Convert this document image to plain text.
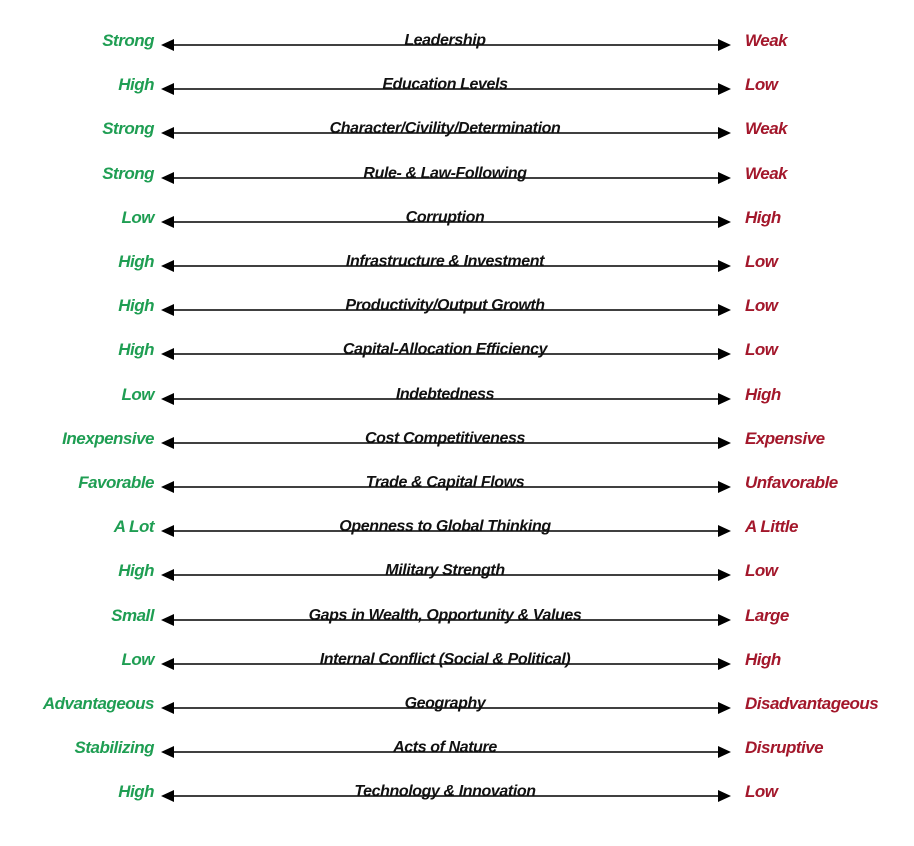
Strong	Leadership	Weak
High	Education Levels	Low
Strong	Character/Civility/Determination	Weak
Strong	Rule- & Law-Following	Weak
Low	Corruption	High
High	Infrastructure & Investment	Low
High	Productivity/Output Growth	Low
High	Capital-Allocation Efficiency	Low
Low	Indebtedness	High
Inexpensive	Cost Competitiveness	Expensive
Favorable	Trade & Capital Flows	Unfavorable
A Lot	Openness to Global Thinking	A Little
High	Military Strength	Low
Small	Gaps in Wealth, Opportunity & Values	Large
Low	Internal Conflict (Social & Political)	High
Advantageous	Geography	Disadvantageous
Stabilizing	Acts of Nature	Disruptive
High	Technology & Innovation	Low
